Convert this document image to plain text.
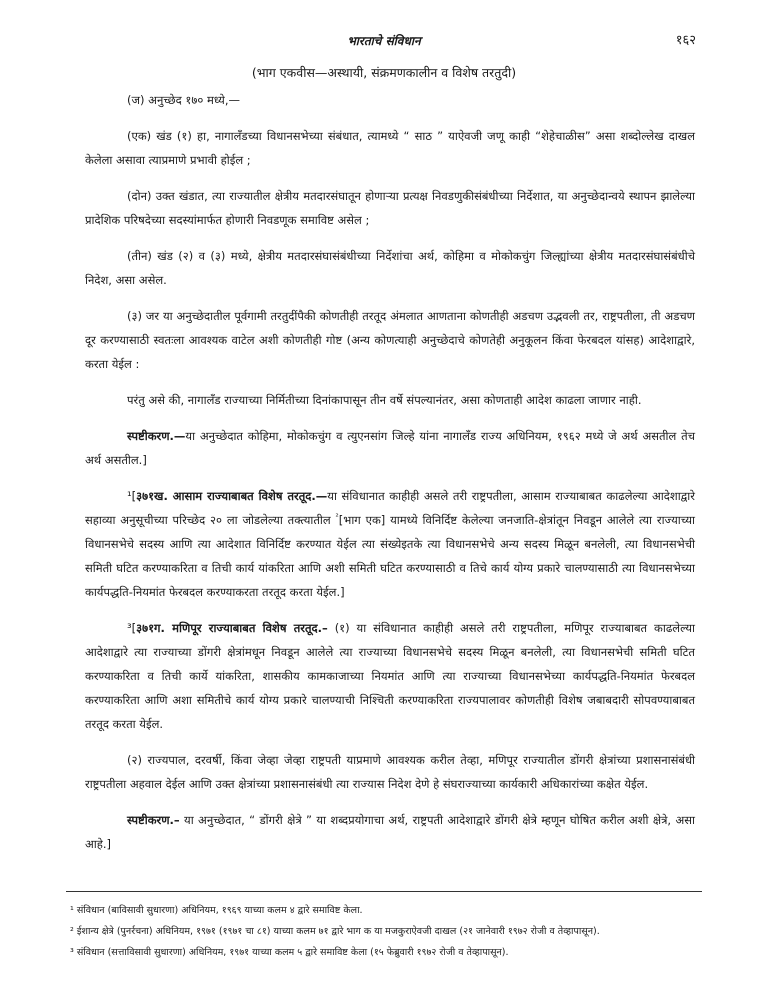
भारताचे संविधान	१६२
(भाग एकवीस—अस्थायी, संक्रमणकालीन व विशेष तरतुदी)

(ज) अनुच्छेद १७० मध्ये,—

(एक) खंड (१) हा, नागालँडच्या विधानसभेच्या संबंधात, त्यामध्ये “ साठ ” याऐवजी जणू काही “शेहेचाळीस” असा शब्दोल्लेख दाखल केलेला असावा त्याप्रमाणे प्रभावी होईल ;

(दोन) उक्त खंडात, त्या राज्यातील क्षेत्रीय मतदारसंघातून होणाऱ्या प्रत्यक्ष निवडणुकीसंबंधीच्या निर्देशात, या अनुच्छेदान्वये स्थापन झालेल्या प्रादेशिक परिषदेच्या सदस्यांमार्फत होणारी निवडणूक समाविष्ट असेल ;

(तीन) खंड (२) व (३) मध्ये, क्षेत्रीय मतदारसंघासंबंधीच्या निर्देशांचा अर्थ, कोहिमा व मोकोकचुंग जिल्ह्यांच्या क्षेत्रीय मतदारसंघासंबंधीचे निदेश, असा असेल.

(३) जर या अनुच्छेदातील पूर्वगामी तरतुदींपैकी कोणतीही तरतूद अंमलात आणताना कोणतीही अडचण उद्भवली तर, राष्ट्रपतीला, ती अडचण दूर करण्यासाठी स्वतःला आवश्यक वाटेल अशी कोणतीही गोष्ट (अन्य कोणत्याही अनुच्छेदाचे कोणतेही अनुकूलन किंवा फेरबदल यांसह) आदेशाद्वारे, करता येईल :

परंतु असे की, नागालँड राज्याच्या निर्मितीच्या दिनांकापासून तीन वर्षे संपल्यानंतर, असा कोणताही आदेश काढला जाणार नाही.

स्पष्टीकरण.—या अनुच्छेदात कोहिमा, मोकोकचुंग व त्युएनसांग जिल्हे यांना नागालँड राज्य अधिनियम, १९६२ मध्ये जे अर्थ असतील तेच अर्थ असतील.]

¹[३७१ख. आसाम राज्याबाबत विशेष तरतूद.—या संविधानात काहीही असले तरी राष्ट्रपतीला, आसाम राज्याबाबत काढलेल्या आदेशाद्वारे सहाव्या अनुसूचीच्या परिच्छेद २० ला जोडलेल्या तक्त्यातील $^{^2}$[भाग एक] यामध्ये विनिर्दिष्ट केलेल्या जनजाति-क्षेत्रांतून निवडून आलेले त्या राज्याच्या विधानसभेचे सदस्य आणि त्या आदेशात विनिर्दिष्ट करण्यात येईल त्या संख्येइतके त्या विधानसभेचे अन्य सदस्य मिळून बनलेली, त्या विधानसभेची समिती घटित करण्याकरिता व तिची कार्य यांकरिता आणि अशी समिती घटित करण्यासाठी व तिचे कार्य योग्य प्रकारे चालण्यासाठी त्या विधानसभेच्या कार्यपद्धति-नियमांत फेरबदल करण्याकरता तरतूद करता येईल.]

³[३७१ग. मणिपूर राज्याबाबत विशेष तरतूद.– (१) या संविधानात काहीही असले तरी राष्ट्रपतीला, मणिपूर राज्याबाबत काढलेल्या आदेशाद्वारे त्या राज्याच्या डोंगरी क्षेत्रांमधून निवडून आलेले त्या राज्याच्या विधानसभेचे सदस्य मिळून बनलेली, त्या विधानसभेची समिती घटित करण्याकरिता व तिची कार्ये यांकरिता, शासकीय कामकाजाच्या नियमांत आणि त्या राज्याच्या विधानसभेच्या कार्यपद्धति-नियमांत फेरबदल करण्याकरिता आणि अशा समितीचे कार्य योग्य प्रकारे चालण्याची निश्चिती करण्याकरिता राज्यपालावर कोणतीही विशेष जबाबदारी सोपवण्याबाबत तरतूद करता येईल.

(२) राज्यपाल, दरवर्षी, किंवा जेव्हा जेव्हा राष्ट्रपती याप्रमाणे आवश्यक करील तेव्हा, मणिपूर राज्यातील डोंगरी क्षेत्रांच्या प्रशासनासंबंधी राष्ट्रपतीला अहवाल देईल आणि उक्त क्षेत्रांच्या प्रशासनासंबंधी त्या राज्यास निदेश देणे हे संघराज्याच्या कार्यकारी अधिकारांच्या कक्षेत येईल.

स्पष्टीकरण.– या अनुच्छेदात, “ डोंगरी क्षेत्रे ” या शब्दप्रयोगाचा अर्थ, राष्ट्रपती आदेशाद्वारे डोंगरी क्षेत्रे म्हणून घोषित करील अशी क्षेत्रे, असा आहे.]

¹ संविधान (बाविसावी सुधारणा) अधिनियम, १९६९ याच्या कलम ४ द्वारे समाविष्ट केला.
² ईशान्य क्षेत्रे (पुनर्रचना) अधिनियम, १९७१ (१९७१ चा ८१) याच्या कलम ७१ द्वारे भाग क या मजकुराऐवजी दाखल (२१ जानेवारी १९७२ रोजी व तेव्हापासून).
³ संविधान (सत्ताविसावी सुधारणा) अधिनियम, १९७१ याच्या कलम ५ द्वारे समाविष्ट केला (१५ फेब्रुवारी १९७२ रोजी व तेव्हापासून).
